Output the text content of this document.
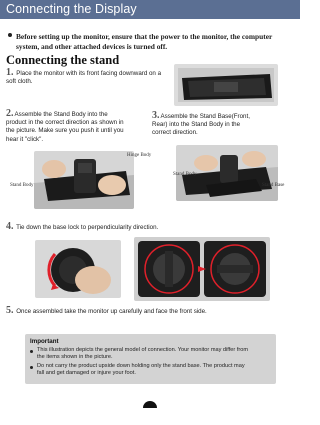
Connecting the Display
Before setting up the monitor, ensure that the power to the monitor, the computer
system, and other attached devices is turned off.
Connecting the stand
1. Place the monitor with its front facing downward on a soft cloth.
2.Assemble the Stand Body into the
product in the correct direction as shown in
the picture. Make sure you push it until you
hear it "click".
3.Assemble the Stand Base(Front,
Rear) into the Stand Body in the
correct direction.
Hinge Body
Stand Body
Stand Body
Stand Base
4. Tie down the base lock to perpendicularity direction.
5. Once assembled take the monitor up carefully and face the front side.
Important
This illustration depicts the general model of connection. Your monitor may differ from
the items shown in the picture.
Do not carry the product upside down holding only the stand base. The product may
fall and get damaged or injure your foot.
